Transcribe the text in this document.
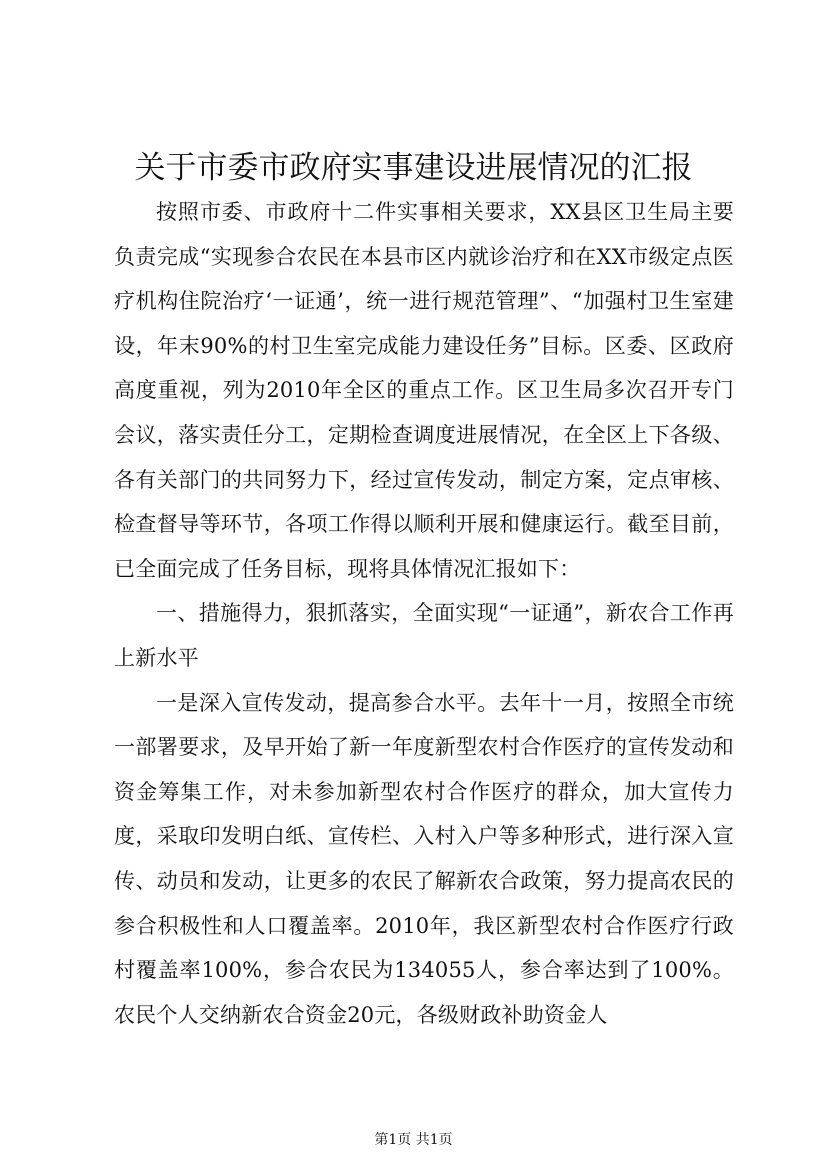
关于市委市政府实事建设进展情况的汇报

按照市委、市政府十二件实事相关要求，XX县区卫生局主要负责完成“实现参合农民在本县市区内就诊治疗和在XX市级定点医疗机构住院治疗‘一证通’，统一进行规范管理”、“加强村卫生室建设，年末90%的村卫生室完成能力建设任务”目标。区委、区政府高度重视，列为2010年全区的重点工作。区卫生局多次召开专门会议，落实责任分工，定期检查调度进展情况，在全区上下各级、各有关部门的共同努力下，经过宣传发动，制定方案，定点审核、检查督导等环节，各项工作得以顺利开展和健康运行。截至目前，已全面完成了任务目标，现将具体情况汇报如下：

一、措施得力，狠抓落实，全面实现“一证通”，新农合工作再上新水平

一是深入宣传发动，提高参合水平。去年十一月，按照全市统一部署要求，及早开始了新一年度新型农村合作医疗的宣传发动和资金筹集工作，对未参加新型农村合作医疗的群众，加大宣传力度，采取印发明白纸、宣传栏、入村入户等多种形式，进行深入宣传、动员和发动，让更多的农民了解新农合政策，努力提高农民的参合积极性和人口覆盖率。2010年，我区新型农村合作医疗行政村覆盖率100%，参合农民为134055人，参合率达到了100%。农民个人交纳新农合资金20元，各级财政补助资金人

第1页 共1页
